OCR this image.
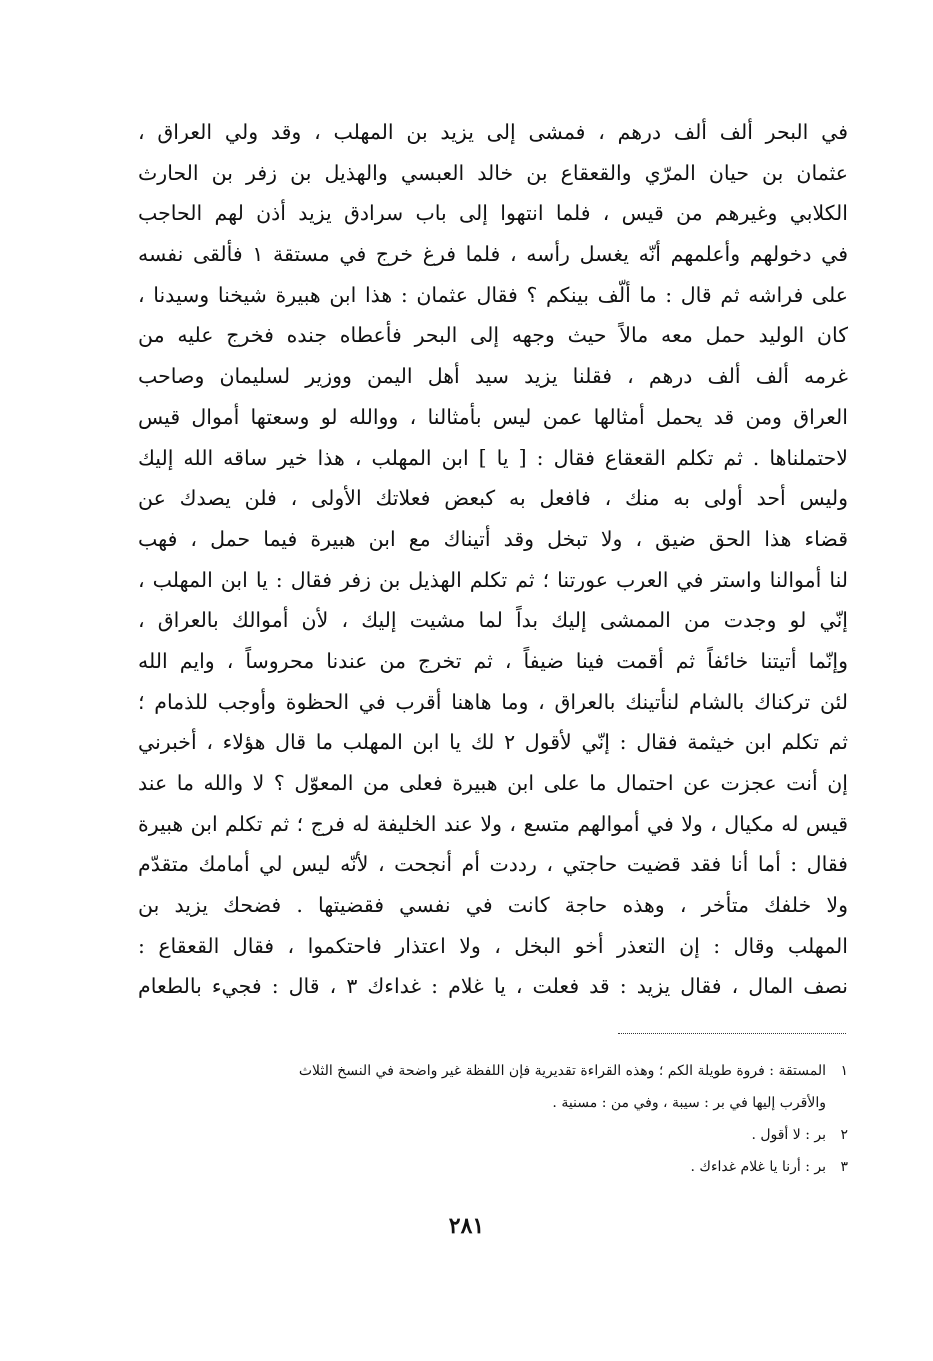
في البحر ألف ألف درهم ، فمشى إلى يزيد بن المهلب ، وقد ولي العراق ،
عثمان بن حيان المرّي والقعقاع بن خالد العبسي والهذيل بن زفر بن الحارث
الكلابي وغيرهم من قيس ، فلما انتهوا إلى باب سرادق يزيد أذن لهم الحاجب
في دخولهم وأعلمهم أنّه يغسل رأسه ، فلما فرغ خرج في مستقة ١ فألقى نفسه
على فراشه ثم قال : ما ألّف بينكم ؟ فقال عثمان : هذا ابن هبيرة شيخنا وسيدنا ،
كان الوليد حمل معه مالاً حيث وجهه إلى البحر فأعطاه جنده فخرج عليه من
غرمه ألف ألف درهم ، فقلنا يزيد سيد أهل اليمن ووزير لسليمان وصاحب
العراق ومن قد يحمل أمثالها عمن ليس بأمثالنا ، ووالله لو وسعتها أموال قيس
لاحتملناها . ثم تكلم القعقاع فقال : [ يا ] ابن المهلب ، هذا خير ساقه الله إليك
وليس أحد أولى به منك ، فافعل به كبعض فعلاتك الأولى ، فلن يصدك عن
قضاء هذا الحق ضيق ، ولا تبخل وقد أتيناك مع ابن هبيرة فيما حمل ، فهب
لنا أموالنا واستر في العرب عورتنا ؛ ثم تكلم الهذيل بن زفر فقال : يا ابن المهلب ،
إنّي لو وجدت من الممشى إليك بداً لما مشيت إليك ، لأن أموالك بالعراق ،
وإنّما أتيتنا خائفاً ثم أقمت فينا ضيفاً ، ثم تخرج من عندنا محروساً ، وايم الله
لئن تركناك بالشام لنأتينك بالعراق ، وما هاهنا أقرب في الحظوة وأوجب للذمام ؛
ثم تكلم ابن خيثمة فقال : إنّي لأقول ٢ لك يا ابن المهلب ما قال هؤلاء ، أخبرني
إن أنت عجزت عن احتمال ما على ابن هبيرة فعلى من المعوّل ؟ لا والله ما عند
قيس له مكيال ، ولا في أموالهم متسع ، ولا عند الخليفة له فرج ؛ ثم تكلم ابن هبيرة
فقال : أما أنا فقد قضيت حاجتي ، رددت أم أنجحت ، لأنّه ليس لي أمامك متقدّم
ولا خلفك متأخر ، وهذه حاجة كانت في نفسي فقضيتها . فضحك يزيد بن
المهلب وقال : إن التعذر أخو البخل ، ولا اعتذار فاحتكموا ، فقال القعقاع :
نصف المال ، فقال يزيد : قد فعلت ، يا غلام : غداءك ٣ ، قال : فجيء بالطعام
١المستقة : فروة طويلة الكم ؛ وهذه القراءة تقديرية فإن اللفظة غير واضحة في النسخ الثلاث
والأقرب إليها في بر : سيبة ، وفي من : مسنية .
٢بر : لا أقول .
٣بر : أرنا يا غلام غداءك .
٢٨١
